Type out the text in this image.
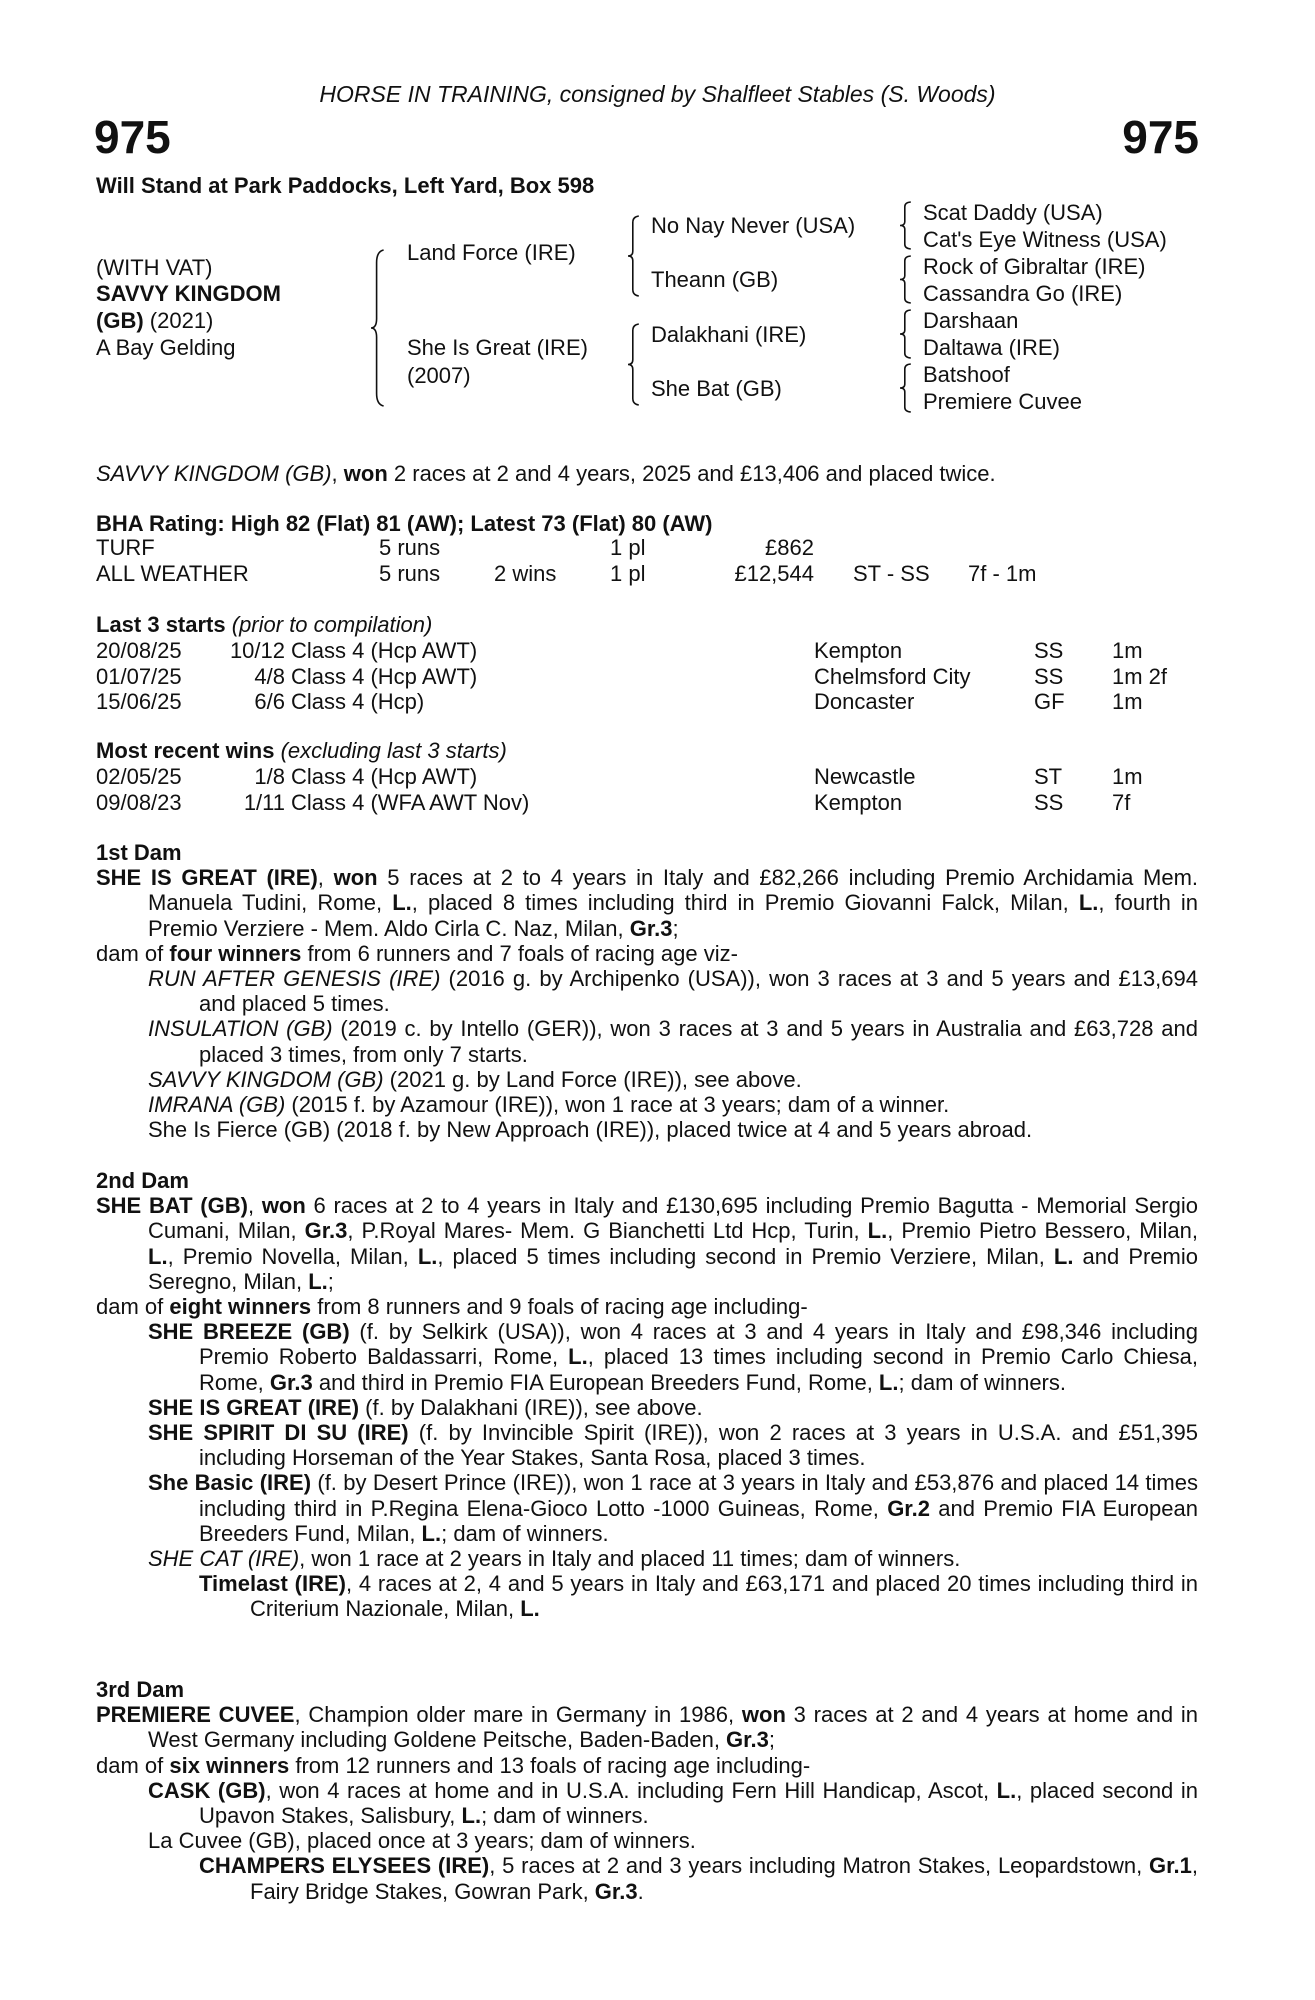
HORSE IN TRAINING, consigned by Shalfleet Stables (S. Woods)
975	975
Will Stand at Park Paddocks, Left Yard, Box 598
(WITH VAT)
SAVVY KINGDOM
(GB) (2021)
A Bay Gelding
Land Force (IRE)
She Is Great (IRE)
(2007)
No Nay Never (USA)
Theann (GB)
Dalakhani (IRE)
She Bat (GB)
Scat Daddy (USA)
Cat's Eye Witness (USA)
Rock of Gibraltar (IRE)
Cassandra Go (IRE)
Darshaan
Daltawa (IRE)
Batshoof
Premiere Cuvee
SAVVY KINGDOM (GB), won 2 races at 2 and 4 years, 2025 and £13,406 and placed twice.
BHA Rating: High 82 (Flat) 81 (AW); Latest 73 (Flat) 80 (AW)
TURF	5 runs	1 pl	£862
ALL WEATHER	5 runs 2 wins 1 pl	£12,544 ST - SS 7f - 1m
Last 3 starts (prior to compilation)
Most recent wins (excluding last 3 starts)
20/08/25 10/12 Class 4 (Hcp AWT)	Kempton	SS 1m
01/07/25	4/8 Class 4 (Hcp AWT)	Chelmsford City	SS 1m 2f
15/06/25	6/6 Class 4 (Hcp)	Doncaster	GF 1m
02/05/25	1/8 Class 4 (Hcp AWT)	Newcastle	ST 1m
09/08/23	1/11 Class 4 (WFA AWT Nov)	Kempton	SS 7f
1st Dam
SHE IS GREAT (IRE), won 5 races at 2 to 4 years in Italy and £82,266 including Premio Archidamia Mem. Manuela Tudini, Rome, L., placed 8 times including third in Premio Giovanni Falck, Milan, L., fourth in Premio Verziere - Mem. Aldo Cirla C. Naz, Milan, Gr.3;
dam of four winners from 6 runners and 7 foals of racing age viz-
RUN AFTER GENESIS (IRE) (2016 g. by Archipenko (USA)), won 3 races at 3 and 5 years and £13,694 and placed 5 times.
INSULATION (GB) (2019 c. by Intello (GER)), won 3 races at 3 and 5 years in Australia and £63,728 and placed 3 times, from only 7 starts.
SAVVY KINGDOM (GB) (2021 g. by Land Force (IRE)), see above.
IMRANA (GB) (2015 f. by Azamour (IRE)), won 1 race at 3 years; dam of a winner.
She Is Fierce (GB) (2018 f. by New Approach (IRE)), placed twice at 4 and 5 years abroad.
2nd Dam
SHE BAT (GB), won 6 races at 2 to 4 years in Italy and £130,695 including Premio Bagutta - Memorial Sergio Cumani, Milan, Gr.3, P.Royal Mares- Mem. G Bianchetti Ltd Hcp, Turin, L., Premio Pietro Bessero, Milan, L., Premio Novella, Milan, L., placed 5 times including second in Premio Verziere, Milan, L. and Premio Seregno, Milan, L.;
dam of eight winners from 8 runners and 9 foals of racing age including-
SHE BREEZE (GB) (f. by Selkirk (USA)), won 4 races at 3 and 4 years in Italy and £98,346 including Premio Roberto Baldassarri, Rome, L., placed 13 times including second in Premio Carlo Chiesa, Rome, Gr.3 and third in Premio FIA European Breeders Fund, Rome, L.; dam of winners.
SHE IS GREAT (IRE) (f. by Dalakhani (IRE)), see above.
SHE SPIRIT DI SU (IRE) (f. by Invincible Spirit (IRE)), won 2 races at 3 years in U.S.A. and £51,395 including Horseman of the Year Stakes, Santa Rosa, placed 3 times.
She Basic (IRE) (f. by Desert Prince (IRE)), won 1 race at 3 years in Italy and £53,876 and placed 14 times including third in P.Regina Elena-Gioco Lotto -1000 Guineas, Rome, Gr.2 and Premio FIA European Breeders Fund, Milan, L.; dam of winners.
SHE CAT (IRE), won 1 race at 2 years in Italy and placed 11 times; dam of winners.
Timelast (IRE), 4 races at 2, 4 and 5 years in Italy and £63,171 and placed 20 times including third in Criterium Nazionale, Milan, L.
3rd Dam
PREMIERE CUVEE, Champion older mare in Germany in 1986, won 3 races at 2 and 4 years at home and in West Germany including Goldene Peitsche, Baden-Baden, Gr.3;
dam of six winners from 12 runners and 13 foals of racing age including-
CASK (GB), won 4 races at home and in U.S.A. including Fern Hill Handicap, Ascot, L., placed second in Upavon Stakes, Salisbury, L.; dam of winners.
La Cuvee (GB), placed once at 3 years; dam of winners.
CHAMPERS ELYSEES (IRE), 5 races at 2 and 3 years including Matron Stakes, Leopardstown, Gr.1, Fairy Bridge Stakes, Gowran Park, Gr.3.
